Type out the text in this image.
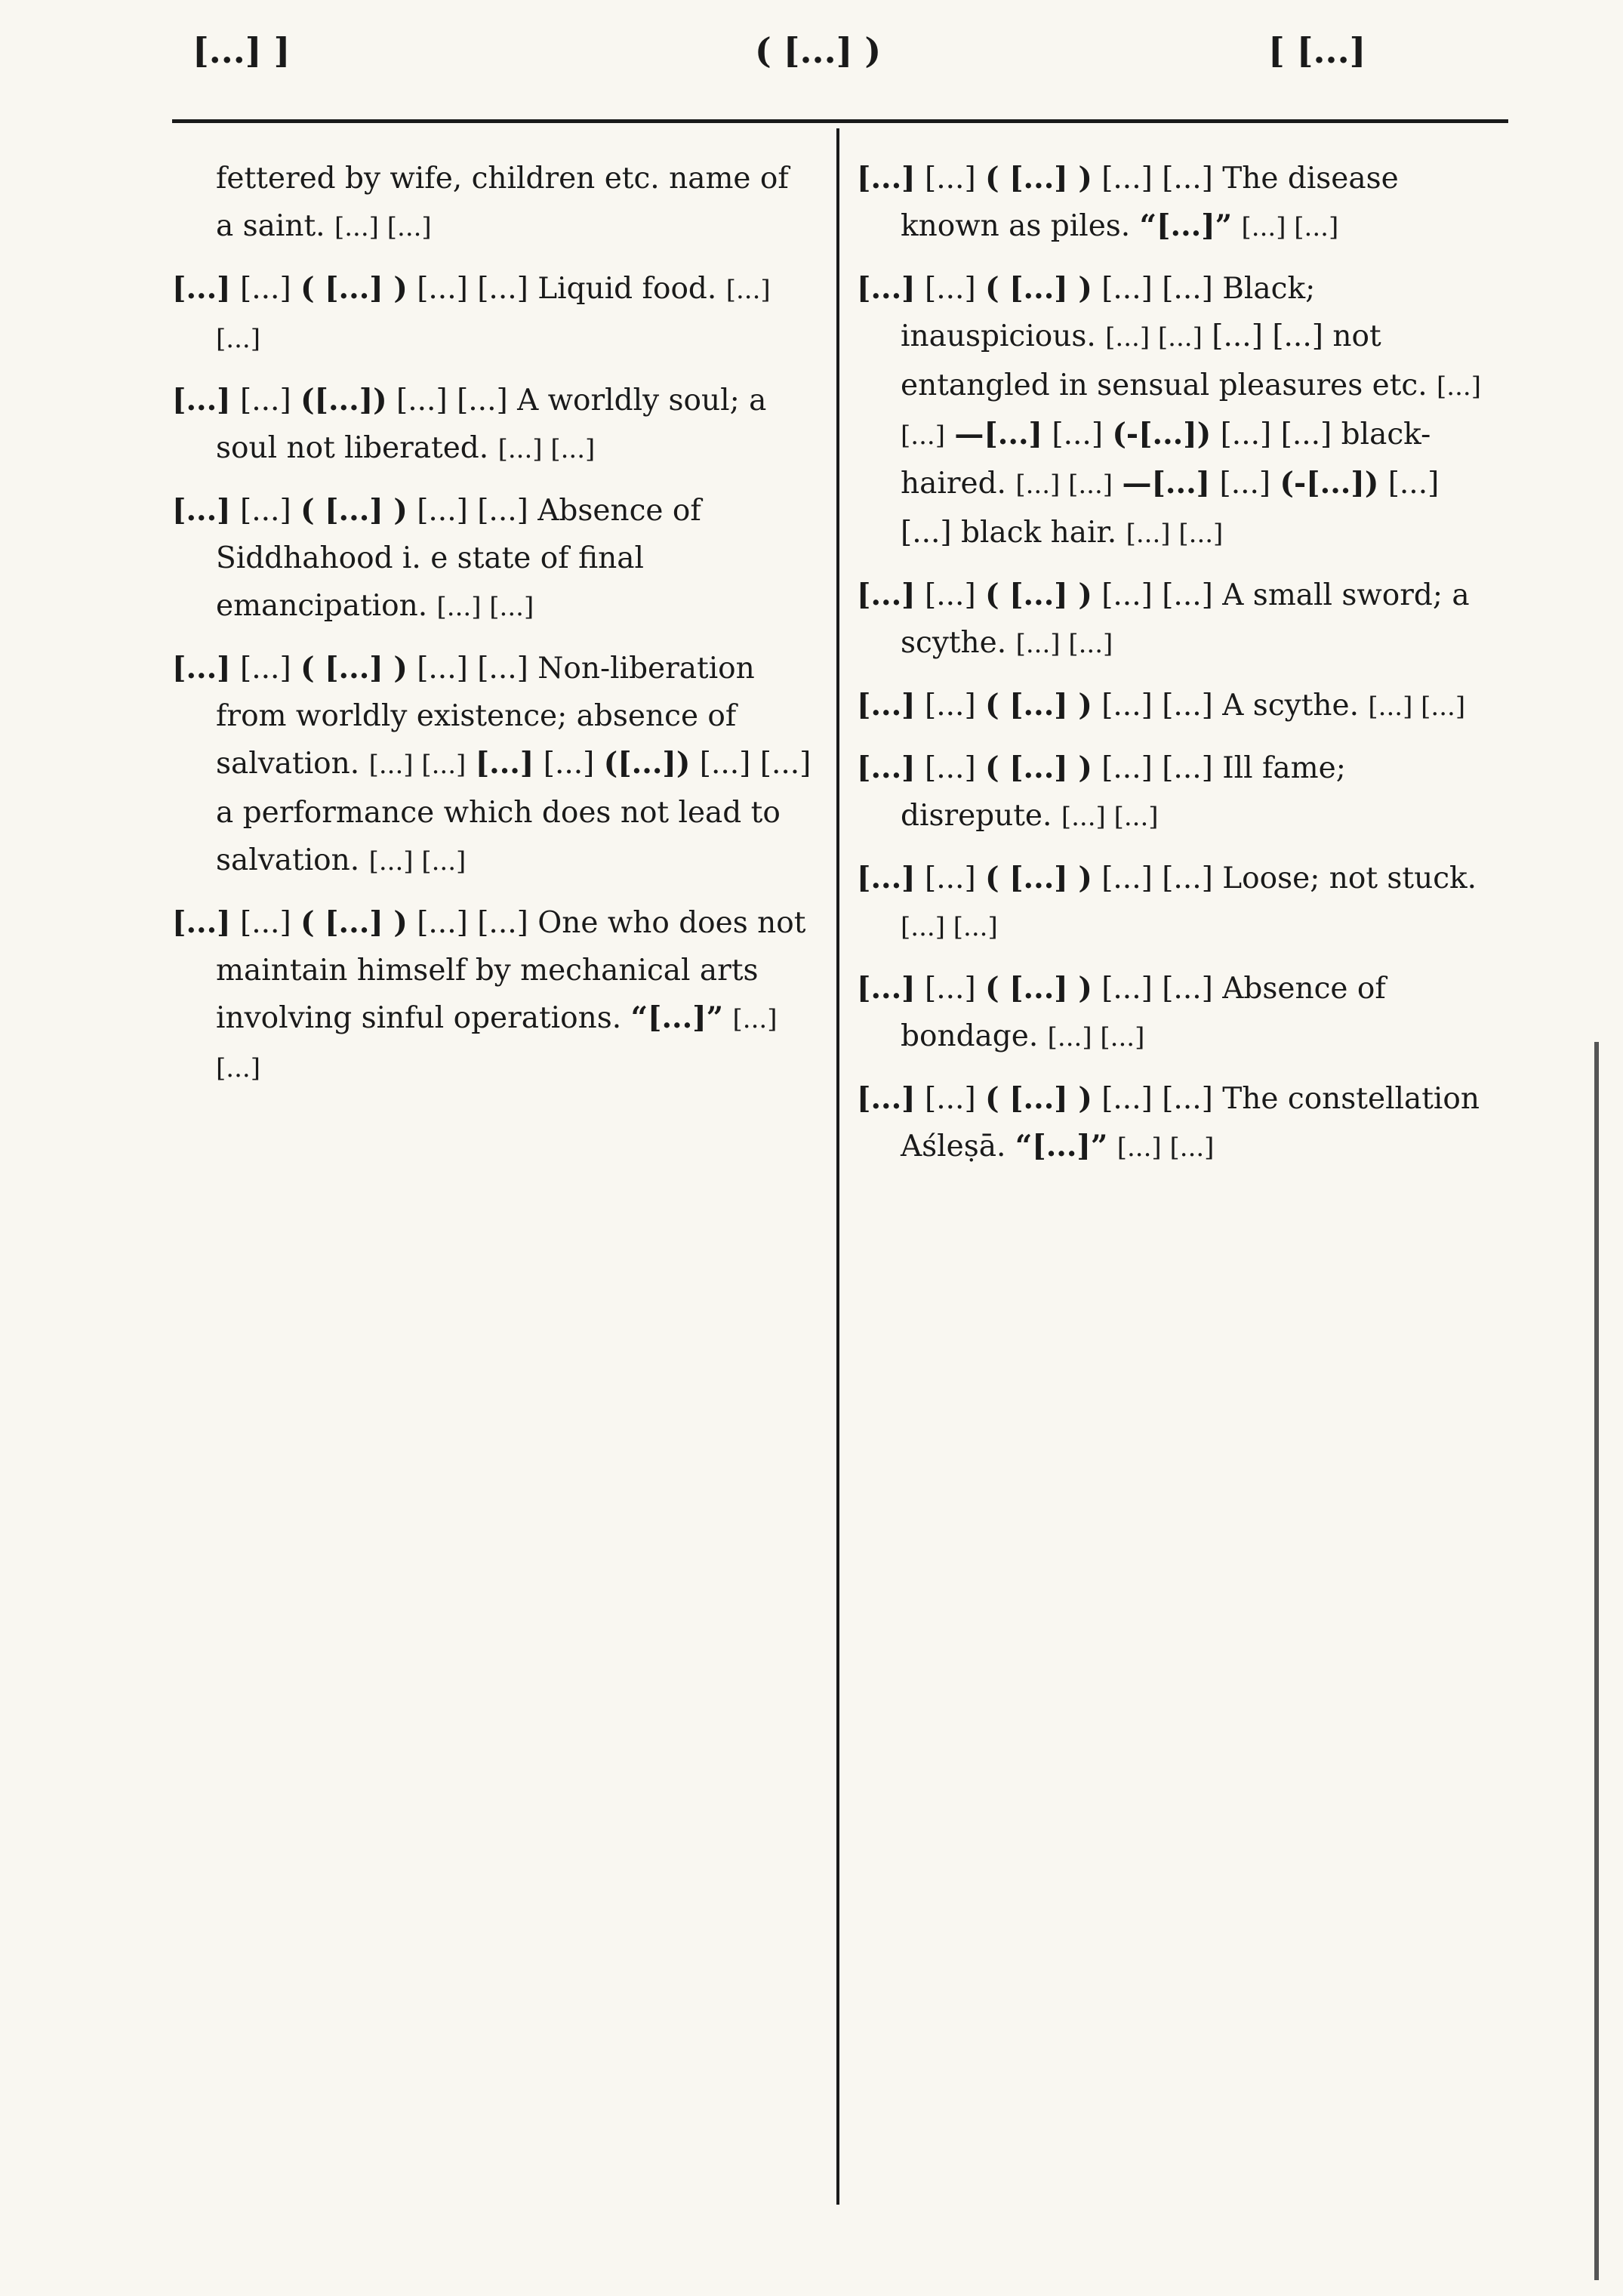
[...] ]	( [...] )	[ [...]

fettered by wife, children etc. name of a saint. [...] [...]

[...] [...] ( [...] ) [...] [...] Liquid food. [...] [...]

[...] [...] ([...]) [...] [...] A worldly soul; a soul not liberated. [...] [...]

[...] [...] ( [...] ) [...] [...] Absence of Siddhahood i. e state of final emancipation. [...] [...]

[...] [...] ( [...] ) [...] [...] Non-liberation from worldly existence; absence of salvation. [...] [...] [...] [...] ([...]) [...] [...] a performance which does not lead to salvation. [...] [...]

[...] [...] ( [...] ) [...] [...] One who does not maintain himself by mechanical arts involving sinful operations. “[...]” [...] [...]

[...] [...] ( [...] ) [...] [...] The disease known as piles. “[...]” [...] [...]

[...] [...] ( [...] ) [...] [...] Black; inauspicious. [...] [...] [...] [...] not entangled in sensual pleasures etc. [...] [...] —[...] [...] (-[...]) [...] [...] black-haired. [...] [...] —[...] [...] (-[...]) [...] [...] black hair. [...] [...]

[...] [...] ( [...] ) [...] [...] A small sword; a scythe. [...] [...]

[...] [...] ( [...] ) [...] [...] A scythe. [...] [...]

[...] [...] ( [...] ) [...] [...] Ill fame; disrepute. [...] [...]

[...] [...] ( [...] ) [...] [...] Loose; not stuck. [...] [...]

[...] [...] ( [...] ) [...] [...] Absence of bondage. [...] [...]

[...] [...] ( [...] ) [...] [...] The constellation Aśleṣā. “[...]” [...] [...]
